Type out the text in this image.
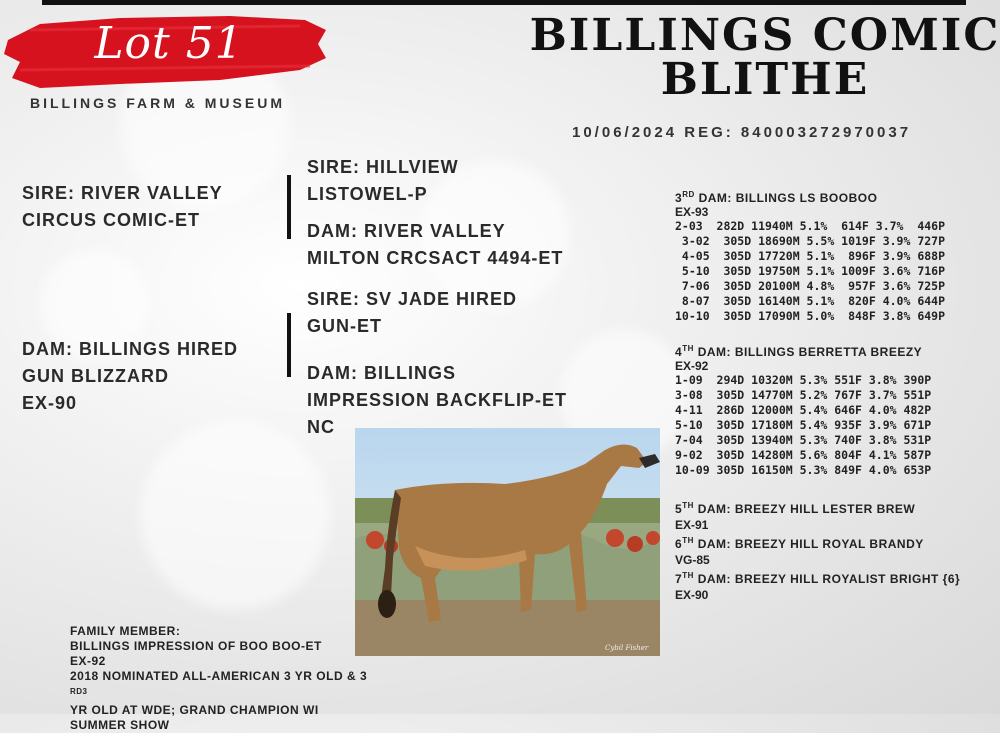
Lot 51
BILLINGS FARM & MUSEUM
BILLINGS COMIC
BLITHE
10/06/2024 REG: 840003272970037
SIRE: RIVER VALLEY
CIRCUS COMIC-ET
DAM: BILLINGS HIRED
GUN BLIZZARD
EX-90
SIRE: HILLVIEW
LISTOWEL-P
DAM: RIVER VALLEY
MILTON CRCSACT 4494-ET
SIRE: SV JADE HIRED
GUN-ET
DAM: BILLINGS
IMPRESSION BACKFLIP-ET
NC
3RD DAM: BILLINGS LS BOOBOO
EX-93
2-03  282D 11940M 5.1%  614F 3.7%  446P
3-02  305D 18690M 5.5% 1019F 3.9% 727P
4-05  305D 17720M 5.1%  896F 3.9% 688P
5-10  305D 19750M 5.1% 1009F 3.6% 716P
7-06  305D 20100M 4.8%  957F 3.6% 725P
8-07  305D 16140M 5.1%  820F 4.0% 644P
10-10  305D 17090M 5.0%  848F 3.8% 649P
4TH DAM: BILLINGS BERRETTA BREEZY
EX-92
1-09  294D 10320M 5.3% 551F 3.8% 390P
3-08  305D 14770M 5.2% 767F 3.7% 551P
4-11  286D 12000M 5.4% 646F 4.0% 482P
5-10  305D 17180M 5.4% 935F 3.9% 671P
7-04  305D 13940M 5.3% 740F 3.8% 531P
9-02  305D 14280M 5.6% 804F 4.1% 587P
10-09 305D 16150M 5.3% 849F 4.0% 653P
5TH DAM: BREEZY HILL LESTER BREW
EX-91
6TH DAM: BREEZY HILL ROYAL BRANDY
VG-85
7TH DAM: BREEZY HILL ROYALIST BRIGHT {6}
EX-90
Cybil Fisher
FAMILY MEMBER:
BILLINGS IMPRESSION OF BOO BOO-ET
EX-92
2018 NOMINATED ALL-AMERICAN 3 YR OLD & 3
$^{RD3}$
YR OLD AT WDE; GRAND CHAMPION WI
SUMMER SHOW
